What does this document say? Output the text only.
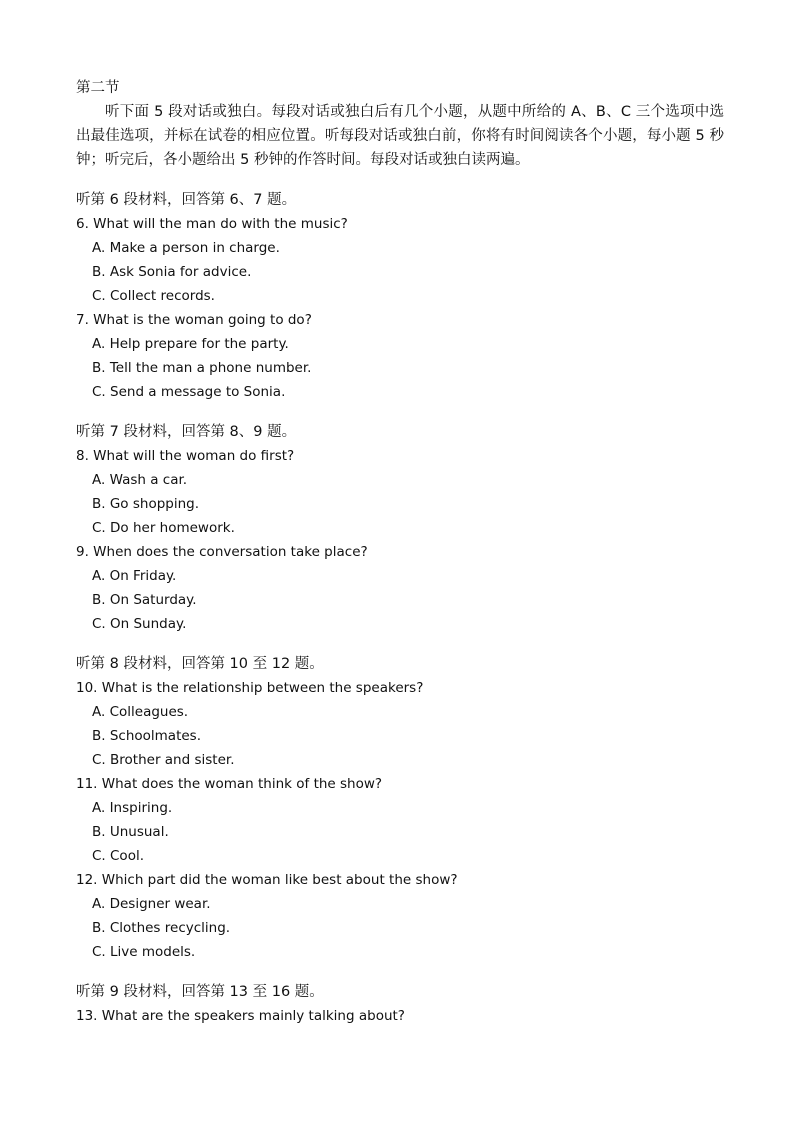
第二节

听下面 5 段对话或独白。每段对话或独白后有几个小题，从题中所给的 A、B、C 三个选项中选出最佳选项，并标在试卷的相应位置。听每段对话或独白前，你将有时间阅读各个小题，每小题 5 秒钟；听完后，各小题给出 5 秒钟的作答时间。每段对话或独白读两遍。

听第 6 段材料，回答第 6、7 题。
6. What will the man do with the music?
A. Make a person in charge.
B. Ask Sonia for advice.
C. Collect records.
7. What is the woman going to do?
A. Help prepare for the party.
B. Tell the man a phone number.
C. Send a message to Sonia.
听第 7 段材料，回答第 8、9 题。
8. What will the woman do first?
A. Wash a car.
B. Go shopping.
C. Do her homework.
9. When does the conversation take place?
A. On Friday.
B. On Saturday.
C. On Sunday.
听第 8 段材料，回答第 10 至 12 题。
10. What is the relationship between the speakers?
A. Colleagues.
B. Schoolmates.
C. Brother and sister.
11. What does the woman think of the show?
A. Inspiring.
B. Unusual.
C. Cool.
12. Which part did the woman like best about the show?
A. Designer wear.
B. Clothes recycling.
C. Live models.
听第 9 段材料，回答第 13 至 16 题。
13. What are the speakers mainly talking about?
